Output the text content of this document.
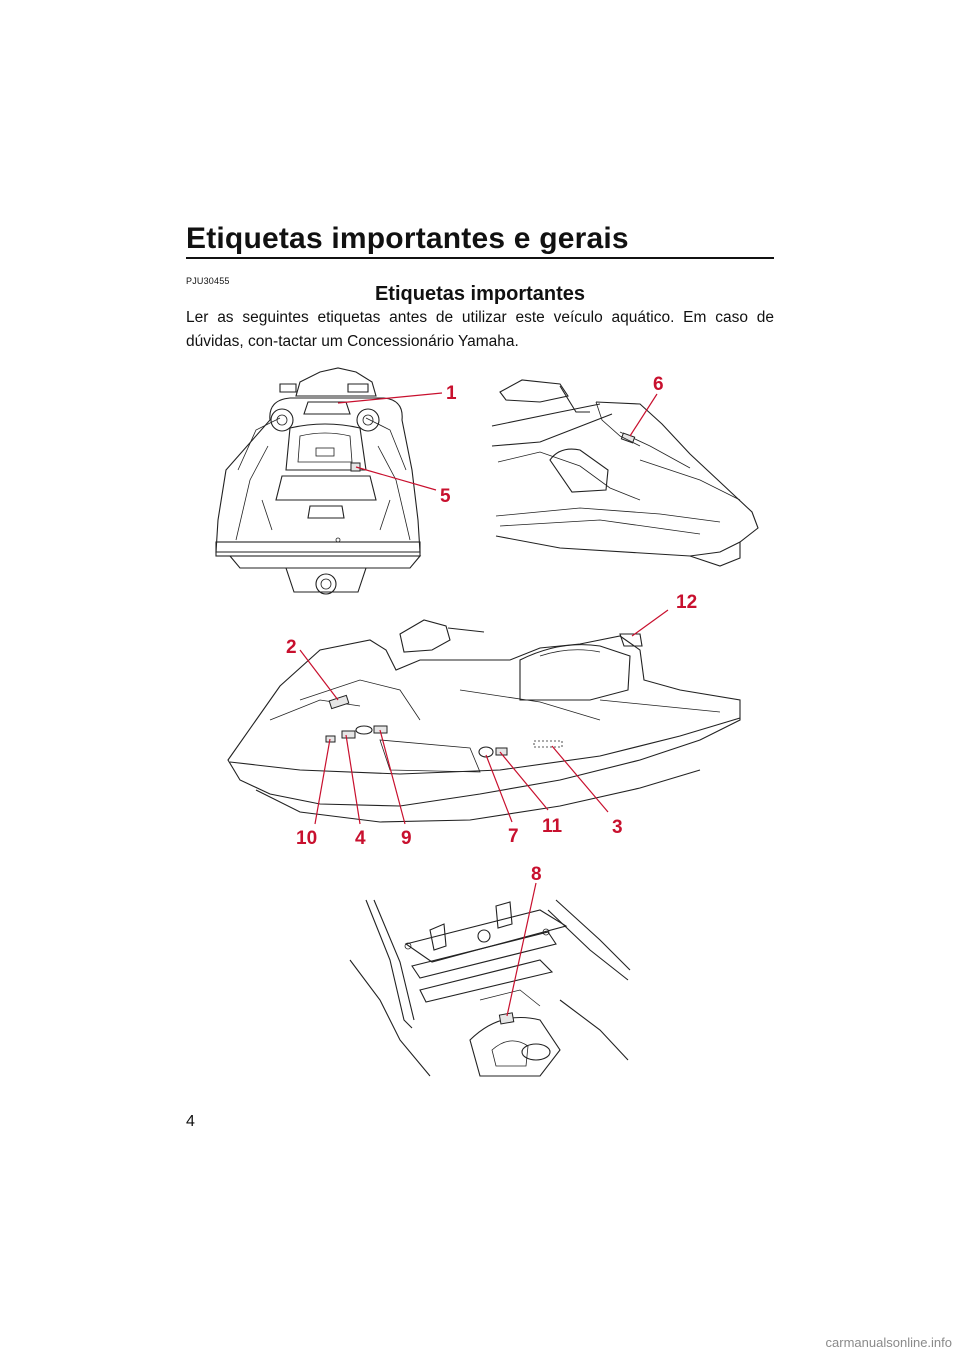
Etiquetas importantes e gerais
PJU30455
Etiquetas importantes
Ler as seguintes etiquetas antes de utilizar este veículo aquático. Em caso de dúvidas, con-tactar um Concessionário Yamaha.
1
5
6
12
2
10 4 9	7 11	3
8
4
carmanualsonline.info
